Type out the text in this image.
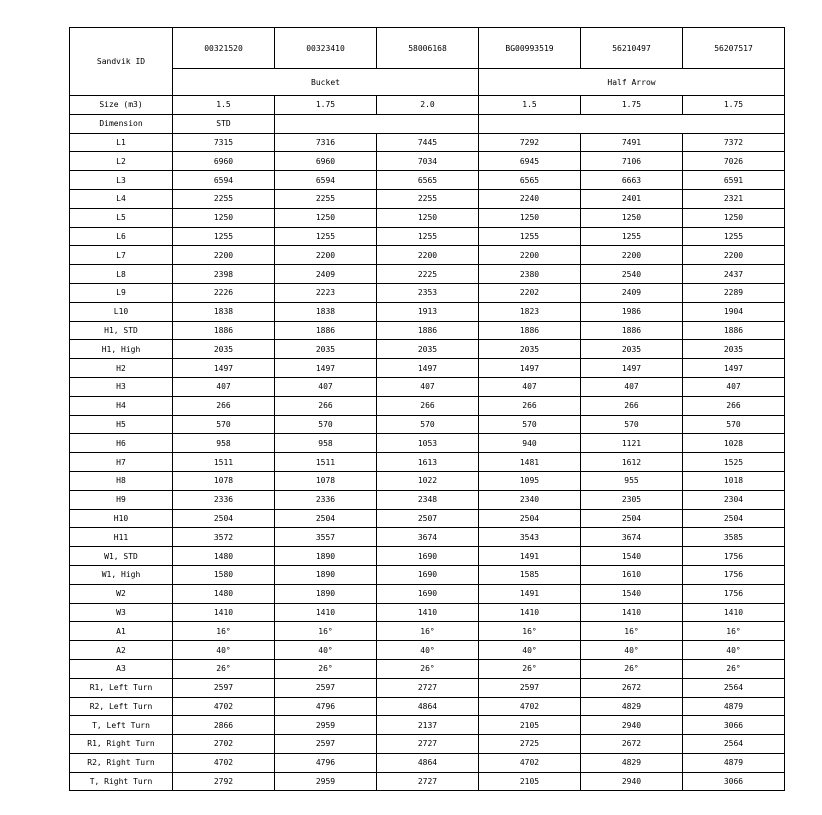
Sandvik ID	00321520	00323410	58006168	BG00993519	56210497	56207517
	Bucket			Half Arrow		
Size (m3)	1.5	1.75	2.0	1.5	1.75	1.75
Dimension	STD					
L1	7315	7316	7445	7292	7491	7372
L2	6960	6960	7034	6945	7106	7026
L3	6594	6594	6565	6565	6663	6591
L4	2255	2255	2255	2240	2401	2321
L5	1250	1250	1250	1250	1250	1250
L6	1255	1255	1255	1255	1255	1255
L7	2200	2200	2200	2200	2200	2200
L8	2398	2409	2225	2380	2540	2437
L9	2226	2223	2353	2202	2409	2289
L10	1838	1838	1913	1823	1986	1904
H1, STD	1886	1886	1886	1886	1886	1886
H1, High	2035	2035	2035	2035	2035	2035
H2	1497	1497	1497	1497	1497	1497
H3	407	407	407	407	407	407
H4	266	266	266	266	266	266
H5	570	570	570	570	570	570
H6	958	958	1053	940	1121	1028
H7	1511	1511	1613	1481	1612	1525
H8	1078	1078	1022	1095	955	1018
H9	2336	2336	2348	2340	2305	2304
H10	2504	2504	2507	2504	2504	2504
H11	3572	3557	3674	3543	3674	3585
W1, STD	1480	1890	1690	1491	1540	1756
W1, High	1580	1890	1690	1585	1610	1756
W2	1480	1890	1690	1491	1540	1756
W3	1410	1410	1410	1410	1410	1410
A1	16°	16°	16°	16°	16°	16°
A2	40°	40°	40°	40°	40°	40°
A3	26°	26°	26°	26°	26°	26°
R1, Left Turn	2597	2597	2727	2597	2672	2564
R2, Left Turn	4702	4796	4864	4702	4829	4879
T, Left Turn	2866	2959	2137	2105	2940	3066
R1, Right Turn	2702	2597	2727	2725	2672	2564
R2, Right Turn	4702	4796	4864	4702	4829	4879
T, Right Turn	2792	2959	2727	2105	2940	3066
